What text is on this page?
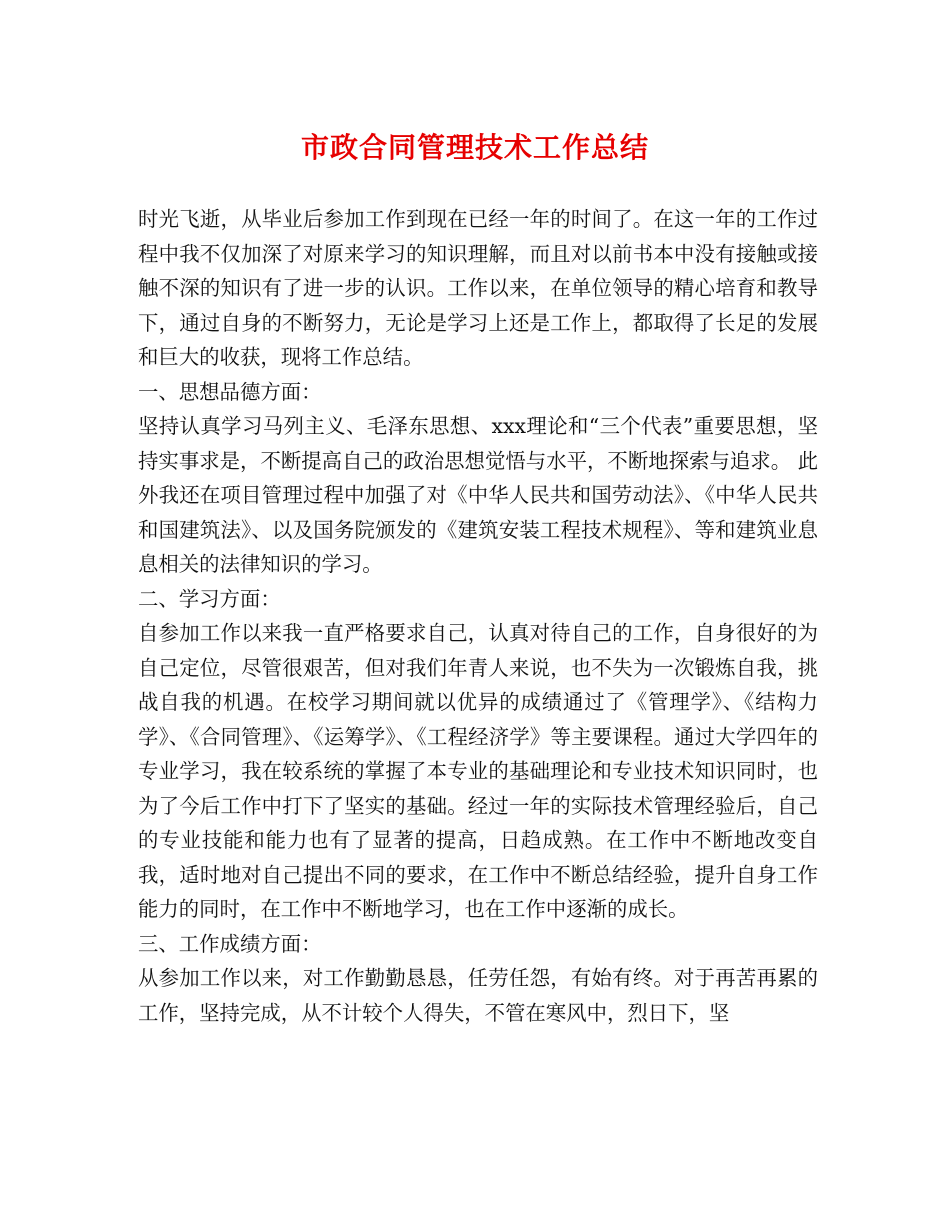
市政合同管理技术工作总结

时光飞逝，从毕业后参加工作到现在已经一年的时间了。在这一年的工作过程中我不仅加深了对原来学习的知识理解，而且对以前书本中没有接触或接触不深的知识有了进一步的认识。工作以来，在单位领导的精心培育和教导下，通过自身的不断努力，无论是学习上还是工作上，都取得了长足的发展和巨大的收获，现将工作总结。

一、思想品德方面：

坚持认真学习马列主义、毛泽东思想、xxx理论和“三个代表”重要思想，坚持实事求是，不断提高自己的政治思想觉悟与水平，不断地探索与追求。 此外我还在项目管理过程中加强了对《中华人民共和国劳动法》、《中华人民共和国建筑法》、以及国务院颁发的《建筑安装工程技术规程》、等和建筑业息息相关的法律知识的学习。

二、学习方面：

自参加工作以来我一直严格要求自己，认真对待自己的工作，自身很好的为自己定位，尽管很艰苦，但对我们年青人来说，也不失为一次锻炼自我，挑战自我的机遇。在校学习期间就以优异的成绩通过了《管理学》、《结构力学》、《合同管理》、《运筹学》、《工程经济学》等主要课程。通过大学四年的专业学习，我在较系统的掌握了本专业的基础理论和专业技术知识同时，也为了今后工作中打下了坚实的基础。经过一年的实际技术管理经验后，自己的专业技能和能力也有了显著的提高，日趋成熟。在工作中不断地改变自我，适时地对自己提出不同的要求，在工作中不断总结经验，提升自身工作能力的同时，在工作中不断地学习，也在工作中逐渐的成长。

三、工作成绩方面：

从参加工作以来，对工作勤勤恳恳，任劳任怨，有始有终。对于再苦再累的工作，坚持完成，从不计较个人得失，不管在寒风中，烈日下，坚
